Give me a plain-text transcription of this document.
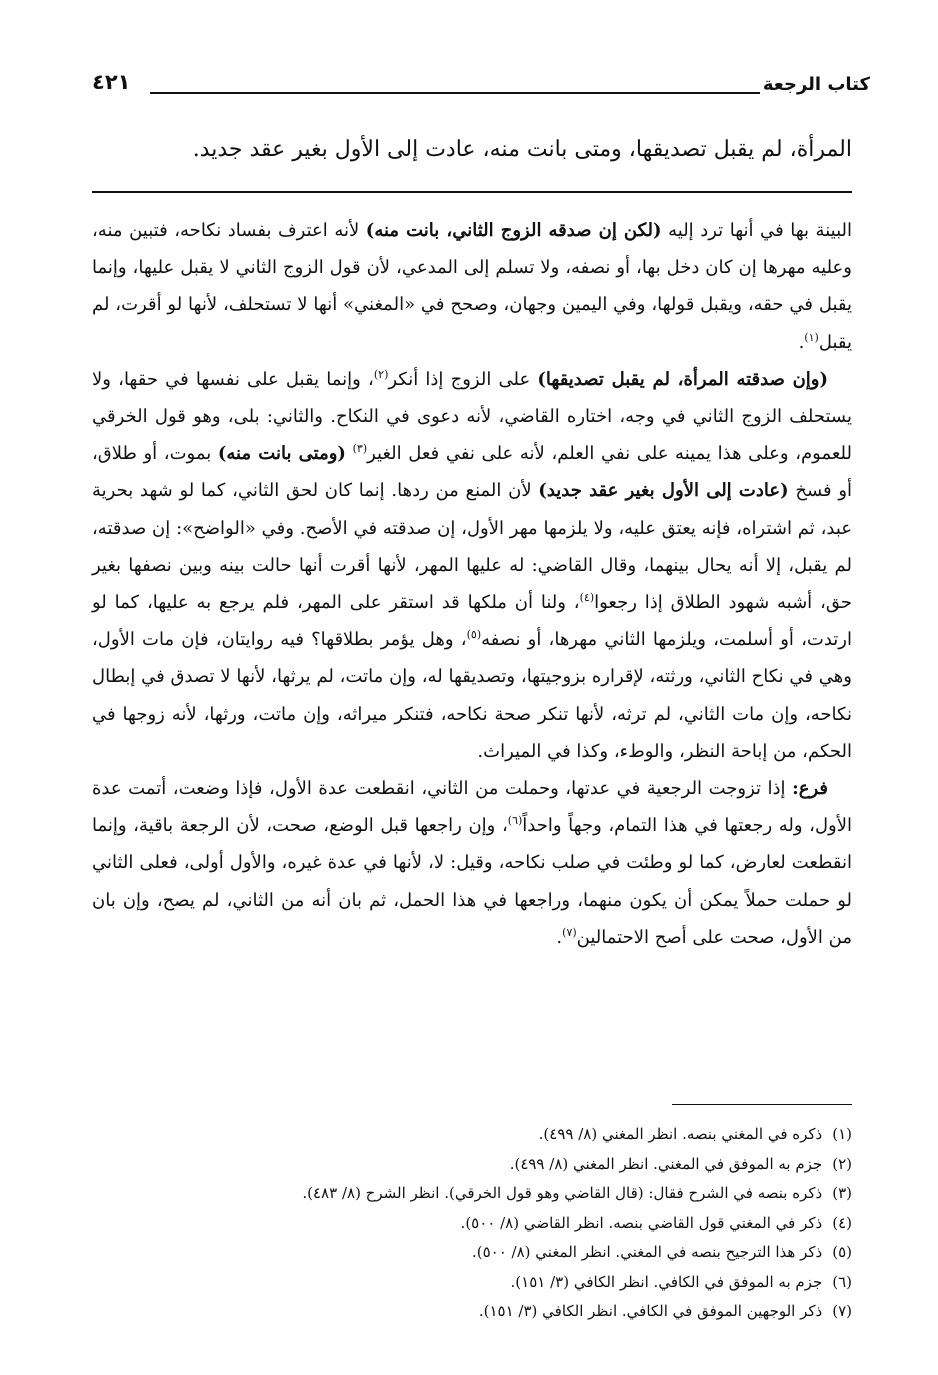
كتاب الرجعة
٤٢١
المرأة، لم يقبل تصديقها، ومتى بانت منه، عادت إلى الأول بغير عقد جديد.

البينة بها في أنها ترد إليه (لكن إن صدقه الزوج الثاني، بانت منه) لأنه اعترف بفساد نكاحه، فتبين منه، وعليه مهرها إن كان دخل بها، أو نصفه، ولا تسلم إلى المدعي، لأن قول الزوج الثاني لا يقبل عليها، وإنما يقبل في حقه، ويقبل قولها، وفي اليمين وجهان، وصحح في «المغني» أنها لا تستحلف، لأنها لو أقرت، لم يقبل$^{(١)}$.

(وإن صدقته المرأة، لم يقبل تصديقها) على الزوج إذا أنكر$^{(٢)}$، وإنما يقبل على نفسها في حقها، ولا يستحلف الزوج الثاني في وجه، اختاره القاضي، لأنه دعوى في النكاح. والثاني: بلى، وهو قول الخرقي للعموم، وعلى هذا يمينه على نفي العلم، لأنه على نفي فعل الغير$^{(٣)}$ (ومتى بانت منه) بموت، أو طلاق، أو فسخ (عادت إلى الأول بغير عقد جديد) لأن المنع من ردها. إنما كان لحق الثاني، كما لو شهد بحرية عبد، ثم اشتراه، فإنه يعتق عليه، ولا يلزمها مهر الأول، إن صدقته في الأصح. وفي «الواضح»: إن صدقته، لم يقبل، إلا أنه يحال بينهما، وقال القاضي: له عليها المهر، لأنها أقرت أنها حالت بينه وبين نصفها بغير حق، أشبه شهود الطلاق إذا رجعوا$^{(٤)}$، ولنا أن ملكها قد استقر على المهر، فلم يرجع به عليها، كما لو ارتدت، أو أسلمت، ويلزمها الثاني مهرها، أو نصفه$^{(٥)}$، وهل يؤمر بطلاقها؟ فيه روايتان، فإن مات الأول، وهي في نكاح الثاني، ورثته، لإقراره بزوجيتها، وتصديقها له، وإن ماتت، لم يرثها، لأنها لا تصدق في إبطال نكاحه، وإن مات الثاني، لم ترثه، لأنها تنكر صحة نكاحه، فتنكر ميراثه، وإن ماتت، ورثها، لأنه زوجها في الحكم، من إباحة النظر، والوطء، وكذا في الميراث.

فرع: إذا تزوجت الرجعية في عدتها، وحملت من الثاني، انقطعت عدة الأول، فإذا وضعت، أتمت عدة الأول، وله رجعتها في هذا التمام، وجهاً واحداً$^{(٦)}$، وإن راجعها قبل الوضع، صحت، لأن الرجعة باقية، وإنما انقطعت لعارض، كما لو وطئت في صلب نكاحه، وقيل: لا، لأنها في عدة غيره، والأول أولى، فعلى الثاني لو حملت حملاً يمكن أن يكون منهما، وراجعها في هذا الحمل، ثم بان أنه من الثاني، لم يصح، وإن بان من الأول، صحت على أصح الاحتمالين$^{(٧)}$.

(١)ذكره في المغني بنصه. انظر المغني (٨/ ٤٩٩).
(٢)جزم به الموفق في المغني. انظر المغني (٨/ ٤٩٩).
(٣)ذكره بنصه في الشرح فقال: (قال القاضي وهو قول الخرقي). انظر الشرح (٨/ ٤٨٣).
(٤)ذكر في المغني قول القاضي بنصه. انظر القاضي (٨/ ٥٠٠).
(٥)ذكر هذا الترجيح بنصه في المغني. انظر المغني (٨/ ٥٠٠).
(٦)جزم به الموفق في الكافي. انظر الكافي (٣/ ١٥١).
(٧)ذكر الوجهين الموفق في الكافي. انظر الكافي (٣/ ١٥١).
